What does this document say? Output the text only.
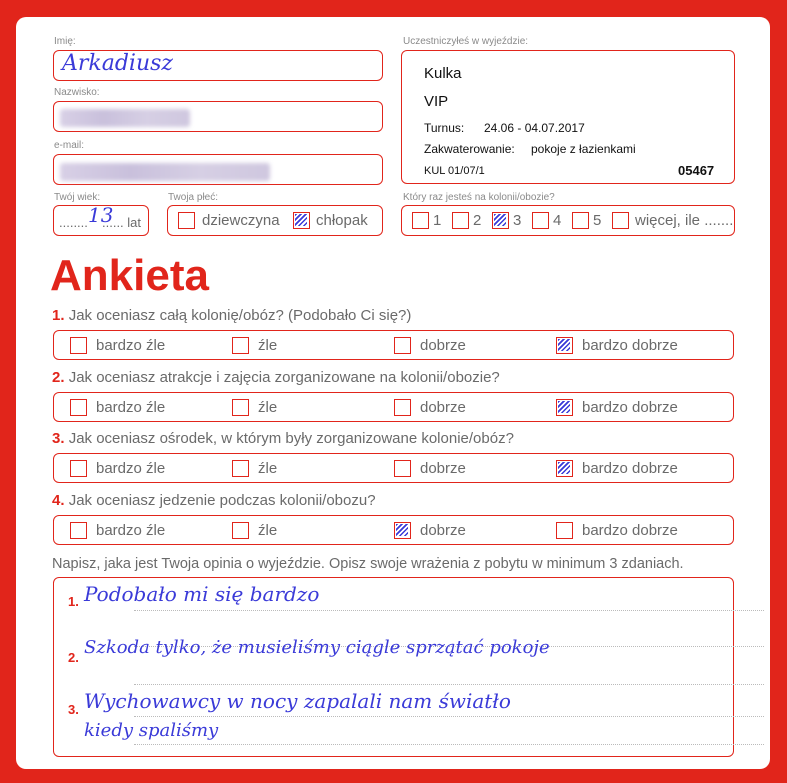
Imię:
Arkadiusz
Nazwisko:
e-mail:
Twój wiek:
........ 13
...... lat
Twoja płeć:
dziewczyna chłopak
Uczestniczyłeś w wyjeździe:
Kulka
VIP
Turnus: 24.06 - 04.07.2017
Zakwaterowanie: pokoje z łazienkami
KUL 01/07/1	05467
Który raz jesteś na kolonii/obozie?
1 2 3 4 5 więcej, ile .......
Ankieta
1. Jak oceniasz całą kolonię/obóz? (Podobało Ci się?)
bardzo źle	źle	dobrze	bardzo dobrze
2. Jak oceniasz atrakcje i zajęcia zorganizowane na kolonii/obozie?
bardzo źle	źle	dobrze	bardzo dobrze
3. Jak oceniasz ośrodek, w którym były zorganizowane kolonie/obóz?
bardzo źle	źle	dobrze	bardzo dobrze
4. Jak oceniasz jedzenie podczas kolonii/obozu?
bardzo źle	źle	dobrze	bardzo dobrze
Napisz, jaka jest Twoja opinia o wyjeździe. Opisz swoje wrażenia z pobytu w minimum 3 zdaniach.
1. Podobało mi się bardzo
2. Szkoda tylko, że musieliśmy ciągle sprzątać pokoje
3. Wychowawcy w nocy zapalali nam światło
kiedy spaliśmy
